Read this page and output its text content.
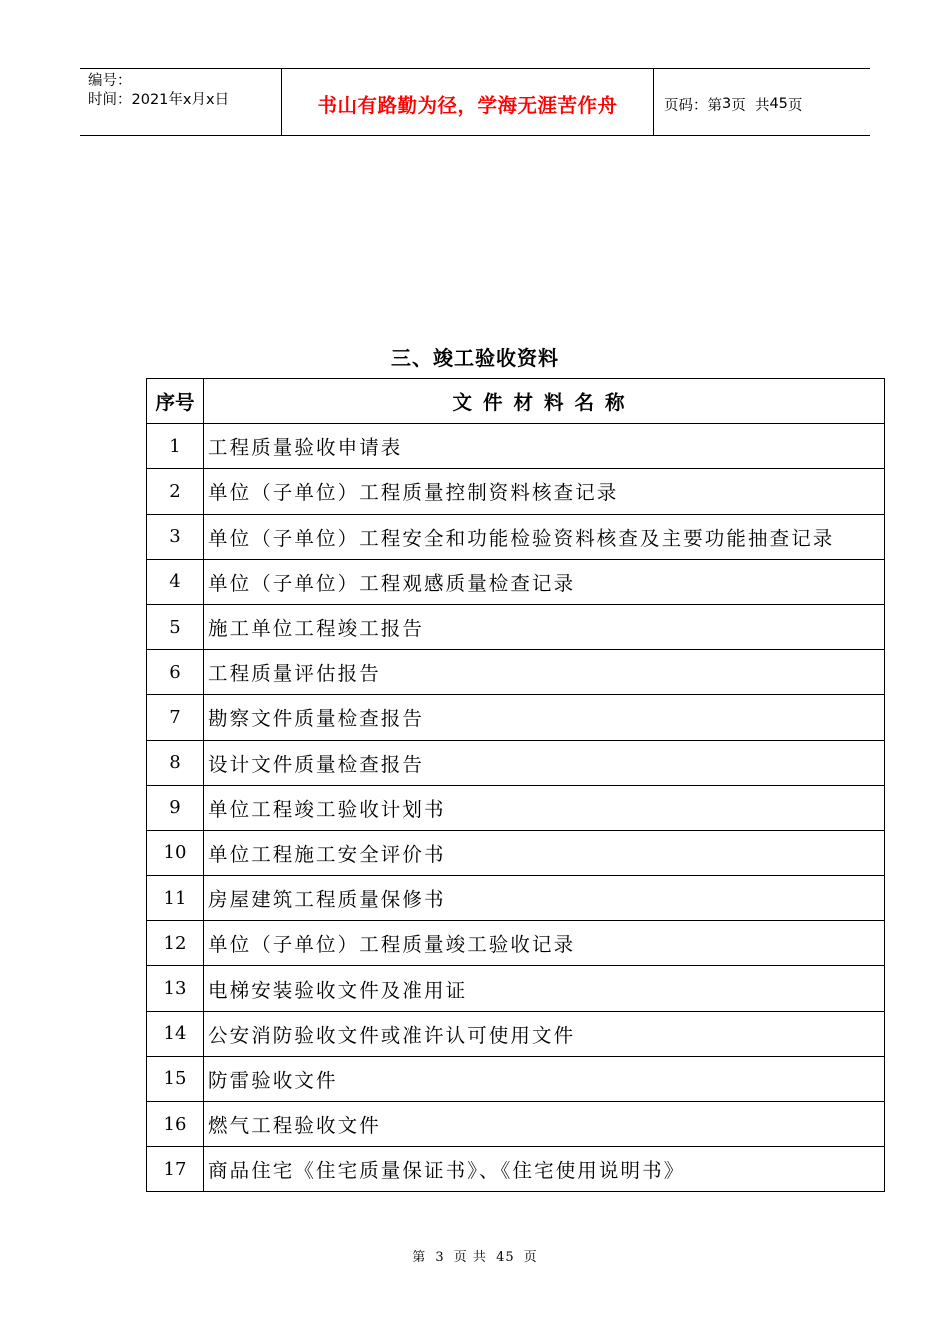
编号：
时间：2021年x月x日	书山有路勤为径，学海无涯苦作舟	页码：第 3 页  共 45 页
三、竣工验收资料
序号	文件材料名称
1	工程质量验收申请表
2	单位（子单位）工程质量控制资料核查记录
3	单位（子单位）工程安全和功能检验资料核查及主要功能抽查记录
4	单位（子单位）工程观感质量检查记录
5	施工单位工程竣工报告
6	工程质量评估报告
7	勘察文件质量检查报告
8	设计文件质量检查报告
9	单位工程竣工验收计划书
10	单位工程施工安全评价书
11	房屋建筑工程质量保修书
12	单位（子单位）工程质量竣工验收记录
13	电梯安装验收文件及准用证
14	公安消防验收文件或准许认可使用文件
15	防雷验收文件
16	燃气工程验收文件
17	商品住宅《住宅质量保证书》、《住宅使用说明书》
第 3 页 共 45 页
